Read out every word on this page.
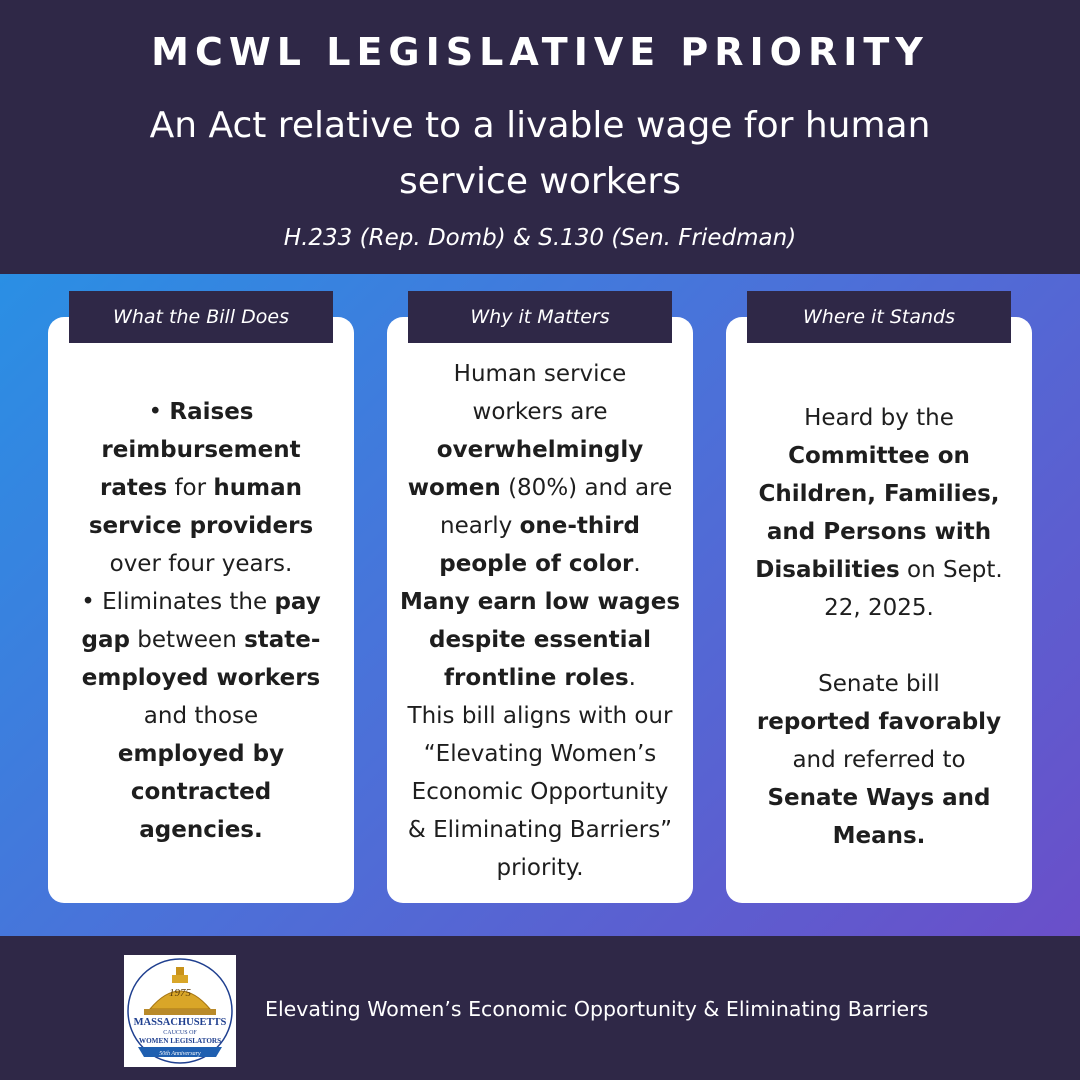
MCWL LEGISLATIVE PRIORITY
An Act relative to a livable wage for human service workers
H.233 (Rep. Domb) & S.130 (Sen. Friedman)
• Raises
reimbursement
rates for human
service providers
over four years.
• Eliminates the pay
gap between state-
employed workers
and those
employed by
contracted
agencies.
What the Bill Does
Human service
workers are
overwhelmingly
women (80%) and are
nearly one-third
people of color.
Many earn low wages
despite essential
frontline roles.
This bill aligns with our
“Elevating Women’s
Economic Opportunity
& Eliminating Barriers”
priority.
Why it Matters
Heard by the
Committee on
Children, Families,
and Persons with
Disabilities on Sept.
22, 2025.

Senate bill
reported favorably
and referred to
Senate Ways and
Means.
Where it Stands
1975
MASSACHUSETTS
CAUCUS OF
WOMEN LEGISLATORS
50th Anniversary
Elevating Women’s Economic Opportunity & Eliminating Barriers
